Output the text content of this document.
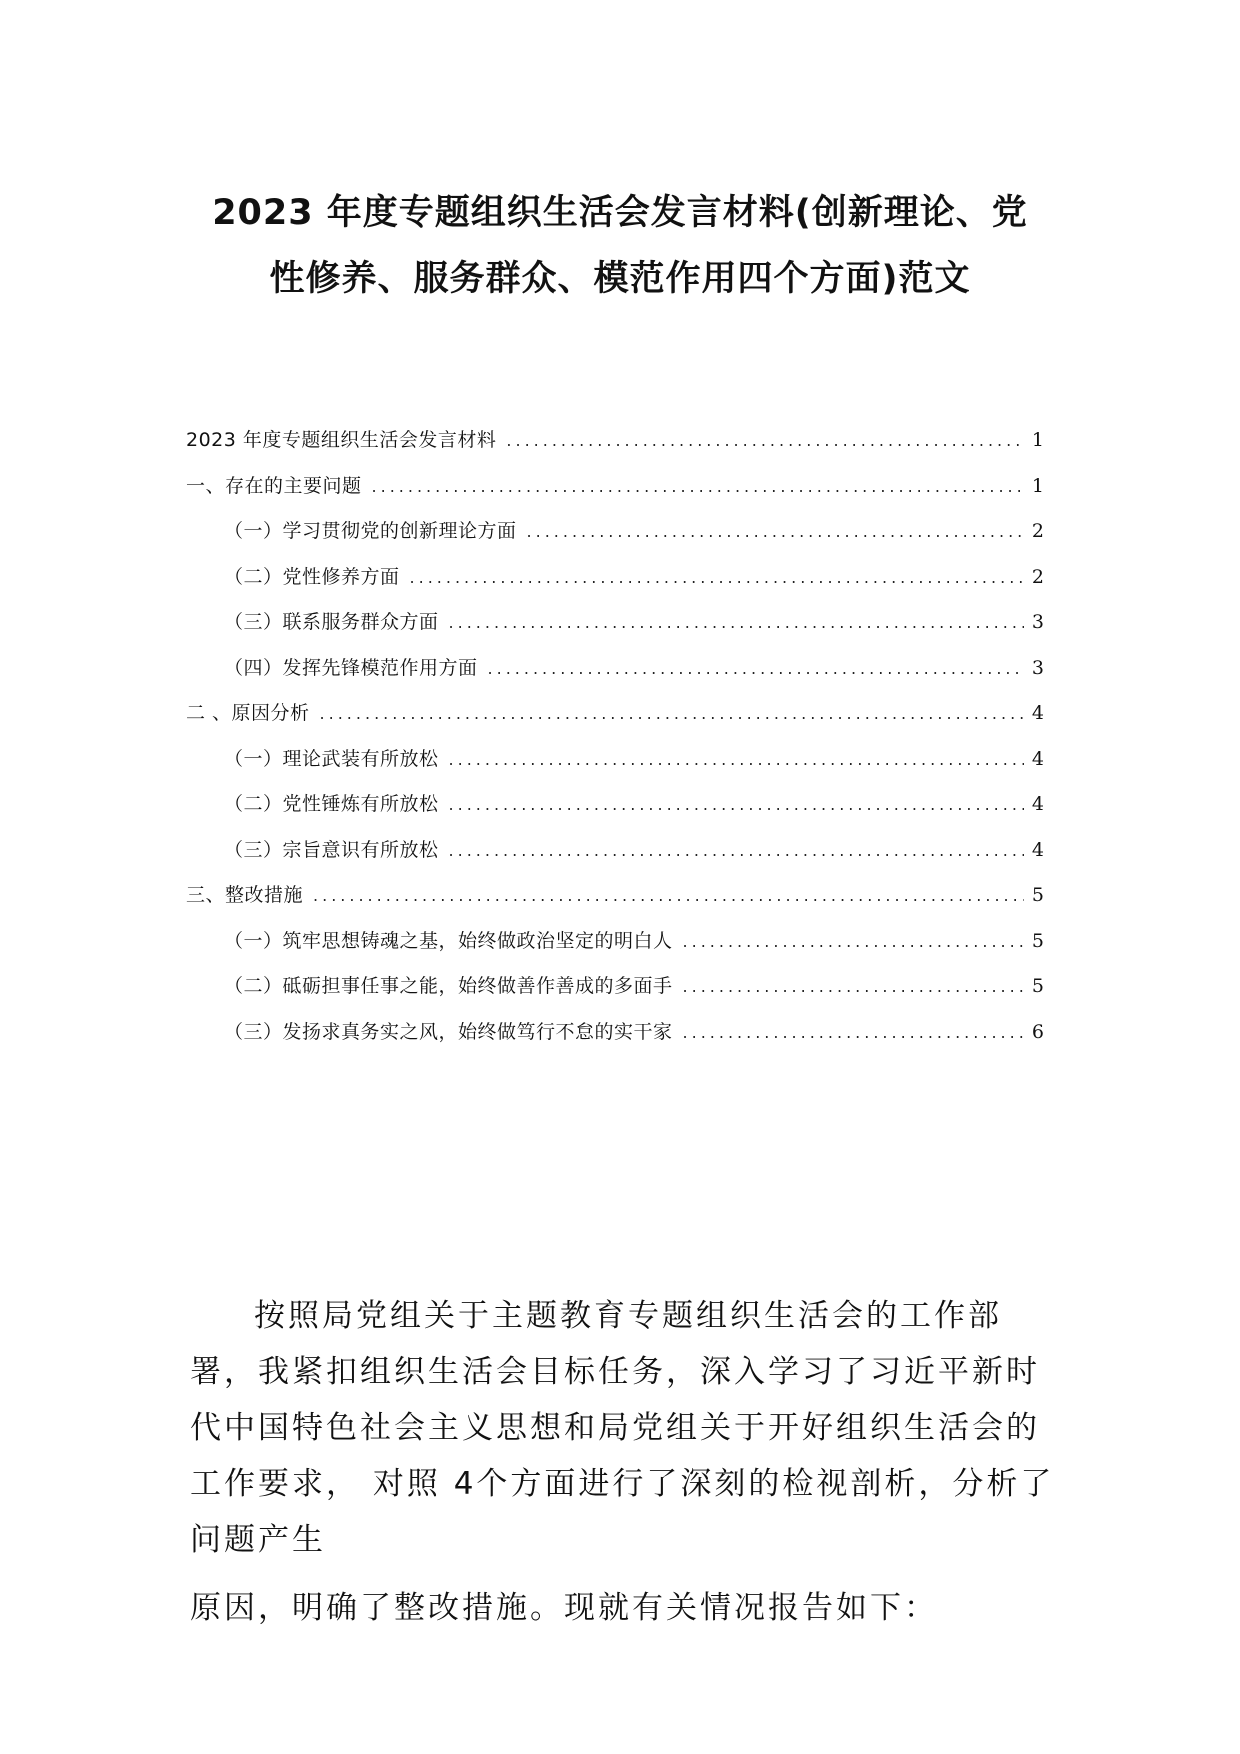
2023 年度专题组织生活会发言材料(创新理论、党
性修养、服务群众、模范作用四个方面)范文
2023 年度专题组织生活会发言材料 .....	1
一、存在的主要问题 .....	1
（一）学习贯彻党的创新理论方面 .....	2
（二）党性修养方面 .....	2
（三）联系服务群众方面 .....	3
（四）发挥先锋模范作用方面 .....	3
二 、原因分析 .....	4
（一）理论武装有所放松 .....	4
（二）党性锤炼有所放松 .....	4
（三）宗旨意识有所放松 .....	4
三、整改措施 .....	5
（一）筑牢思想铸魂之基，始终做政治坚定的明白人 .....	5
（二）砥砺担事任事之能，始终做善作善成的多面手 .....	5
（三）发扬求真务实之风，始终做笃行不怠的实干家 .....	6

按照局党组关于主题教育专题组织生活会的工作部署，我紧扣组织生活会目标任务，深入学习了习近平新时代中国特色社会主义思想和局党组关于开好组织生活会的工作要求， 对照 4个方面进行了深刻的检视剖析，分析了问题产生

原因，明确了整改措施。现就有关情况报告如下：
